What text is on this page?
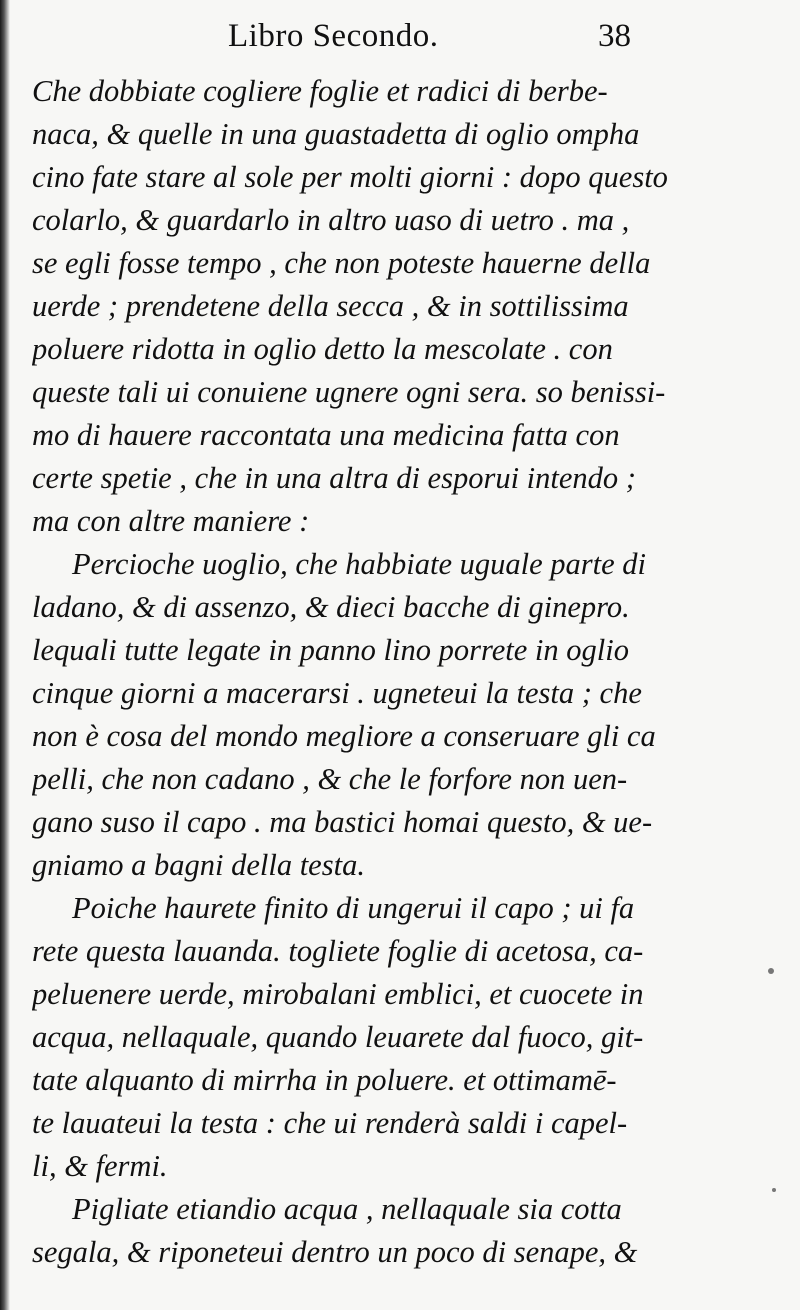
Libro Secondo.	38
Che dobbiate cogliere foglie et radici di berbe-
naca, & quelle in una guastadetta di oglio ompha
cino fate stare al sole per molti giorni : dopo questo
colarlo, & guardarlo in altro uaso di uetro . ma ,
se egli fosse tempo , che non poteste hauerne della
uerde ; prendetene della secca , & in sottilissima
poluere ridotta in oglio detto la mescolate . con
queste tali ui conuiene ugnere ogni sera. so benissi-
mo di hauere raccontata una medicina fatta con
certe spetie , che in una altra di esporui intendo ;
ma con altre maniere :
Percioche uoglio, che habbiate uguale parte di
ladano, & di assenzo, & dieci bacche di ginepro.
lequali tutte legate in panno lino porrete in oglio
cinque giorni a macerarsi . ugneteui la testa ; che
non è cosa del mondo megliore a conseruare gli ca
pelli, che non cadano , & che le forfore non uen-
gano suso il capo . ma bastici homai questo, & ue-
gniamo a bagni della testa.
Poiche haurete finito di ungerui il capo ; ui fa
rete questa lauanda. togliete foglie di acetosa, ca-
peluenere uerde, mirobalani emblici, et cuocete in
acqua, nellaquale, quando leuarete dal fuoco, git-
tate alquanto di mirrha in poluere. et ottimamē-
te lauateui la testa : che ui renderà saldi i capel-
li, & fermi.
Pigliate etiandio acqua , nellaquale sia cotta
segala, & riponeteui dentro un poco di senape, &
